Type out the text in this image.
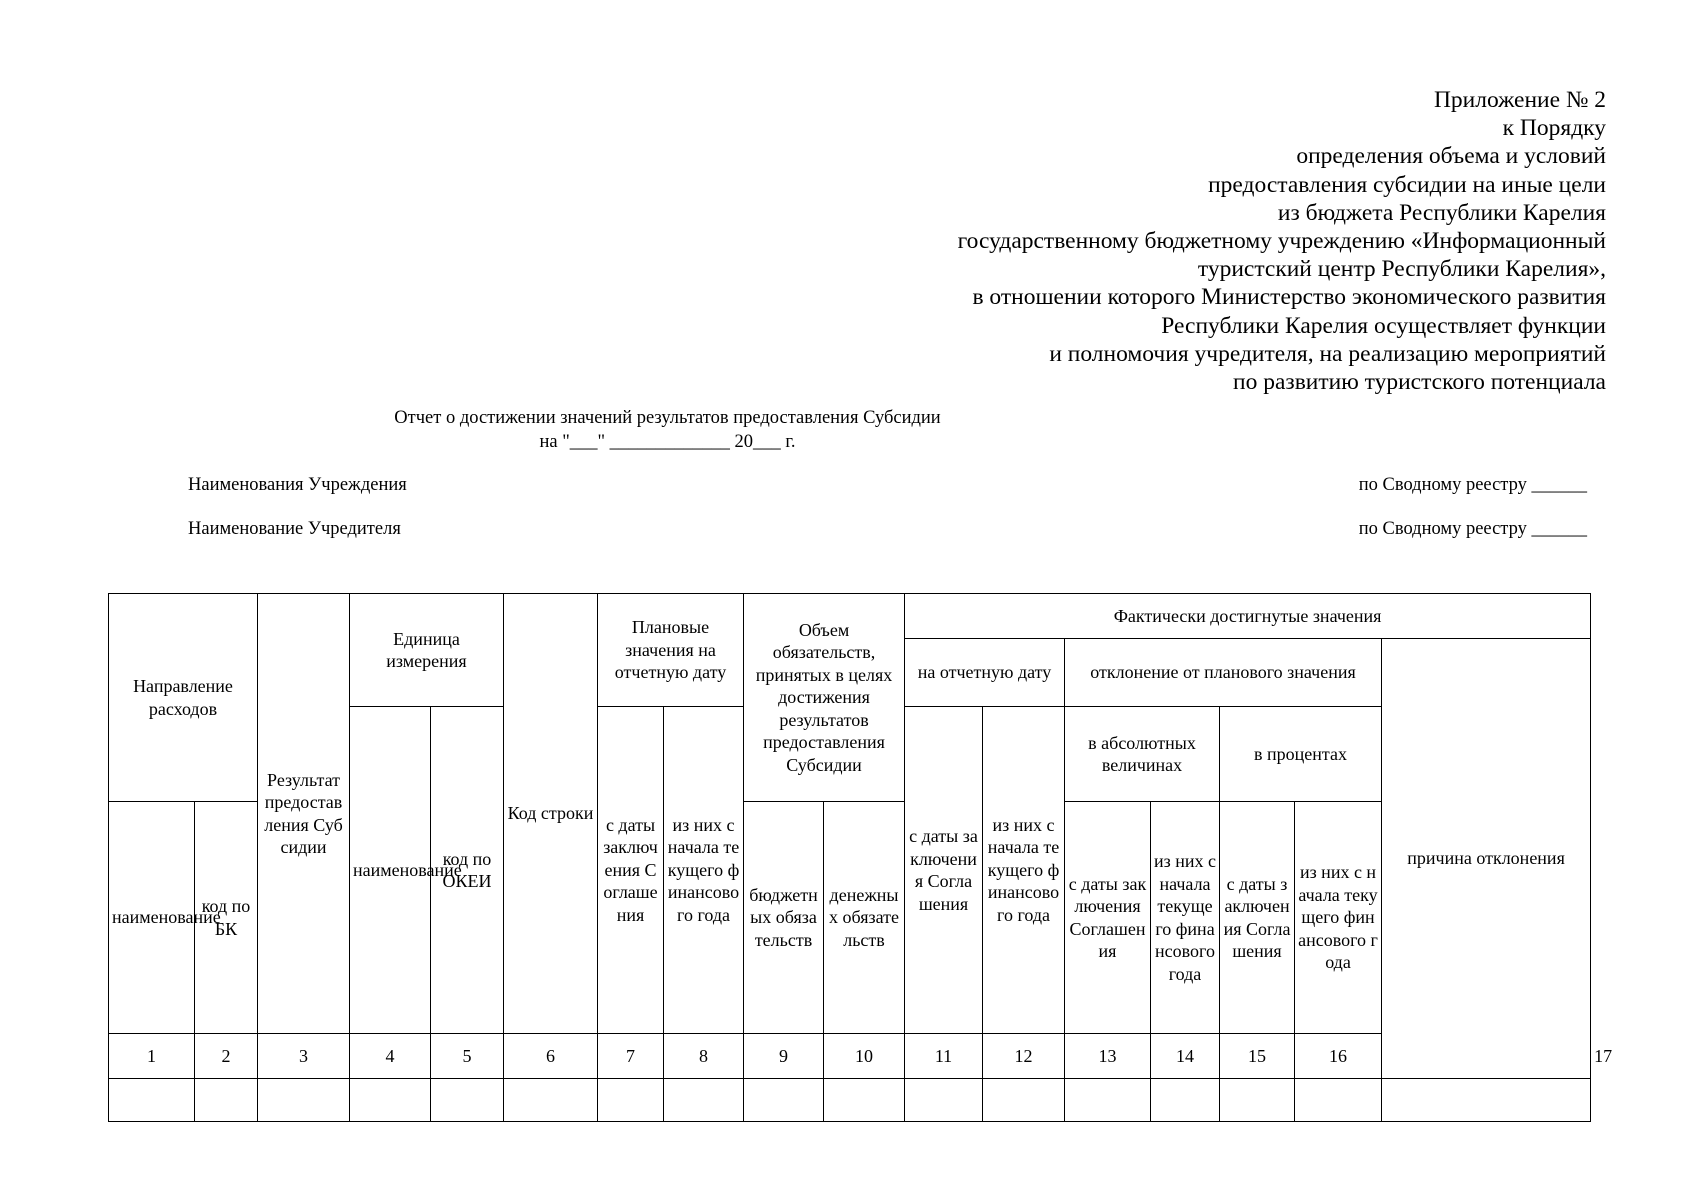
Приложение № 2
к Порядку
определения объема и условий
предоставления субсидии на иные цели
из бюджета Республики Карелия
государственному бюджетному учреждению «Информационный
туристский центр Республики Карелия»,
в отношении которого Министерство экономического развития
Республики Карелия осуществляет функции
и полномочия учредителя, на реализацию мероприятий
по развитию туристского потенциала
Отчет о достижении значений результатов предоставления Субсидии
на "___" _____________ 20___ г.
Наименования Учреждения	по Сводному реестру ______
Наименование Учредителя	по Сводному реестру ______
Направление расходов		Результат предоставления Субсидии	Единица измерения		Код строки	Плановые значения на отчетную дату		Объем обязательств, принятых в целях достижения результатов предоставления Субсидии		Фактически достигнутые значения							
										на отчетную дату		отклонение от планового значения				причина отклонения	
			наименование	код по ОКЕИ		с даты заключения Соглашения	из них с начала текущего финансового года			с даты заключения Соглашения	из них с начала текущего финансового года	в абсолютных величинах		в процентах			
наименование	код по БК							бюджетных обязательств	денежных обязательств			с даты заключения Соглашения	из них с начала текущего финансового года	с даты заключения Соглашения	из них с начала текущего финансового года		
1	2	3	4	5	6	7	8	9	10	11	12	13	14	15	16		17
